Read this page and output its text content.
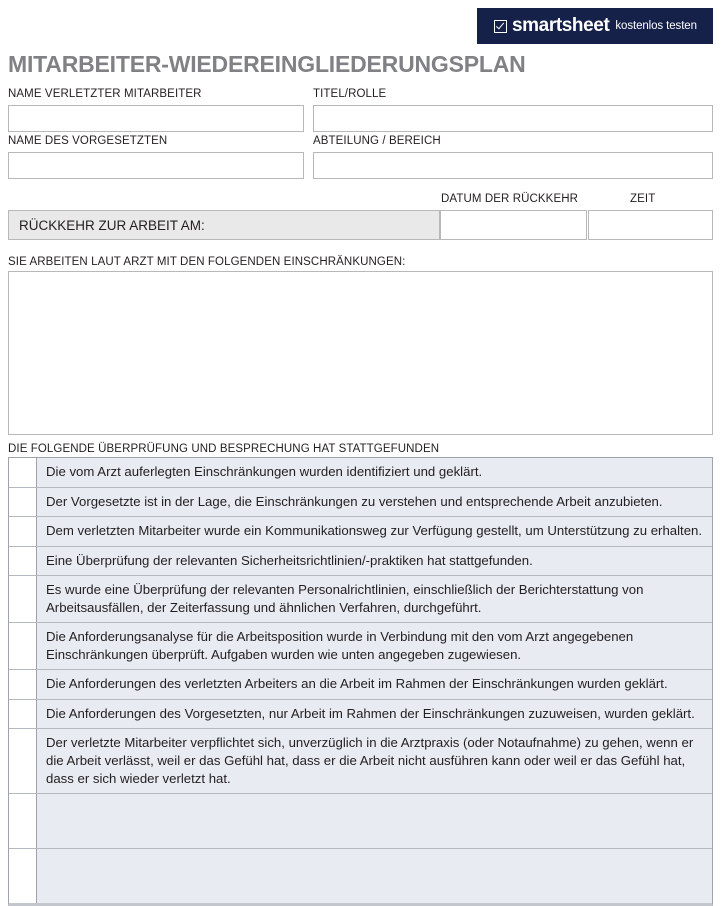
smartsheet kostenlos testen
MITARBEITER-WIEDEREINGLIEDERUNGSPLAN
NAME VERLETZTER MITARBEITER	TITEL/ROLLE
NAME DES VORGESETZTEN	ABTEILUNG / BEREICH
DATUM DER RÜCKKEHR	ZEIT
RÜCKKEHR ZUR ARBEIT AM:
SIE ARBEITEN LAUT ARZT MIT DEN FOLGENDEN EINSCHRÄNKUNGEN:
DIE FOLGENDE ÜBERPRÜFUNG UND BESPRECHUNG HAT STATTGEFUNDEN
Die vom Arzt auferlegten Einschränkungen wurden identifiziert und geklärt.
Der Vorgesetzte ist in der Lage, die Einschränkungen zu verstehen und entsprechende Arbeit anzubieten.
Dem verletzten Mitarbeiter wurde ein Kommunikationsweg zur Verfügung gestellt, um Unterstützung zu erhalten.
Eine Überprüfung der relevanten Sicherheitsrichtlinien/-praktiken hat stattgefunden.
Es wurde eine Überprüfung der relevanten Personalrichtlinien, einschließlich der Berichterstattung von Arbeitsausfällen, der Zeiterfassung und ähnlichen Verfahren, durchgeführt.
Die Anforderungsanalyse für die Arbeitsposition wurde in Verbindung mit den vom Arzt angegebenen Einschränkungen überprüft. Aufgaben wurden wie unten angegeben zugewiesen.
Die Anforderungen des verletzten Arbeiters an die Arbeit im Rahmen der Einschränkungen wurden geklärt.
Die Anforderungen des Vorgesetzten, nur Arbeit im Rahmen der Einschränkungen zuzuweisen, wurden geklärt.
Der verletzte Mitarbeiter verpflichtet sich, unverzüglich in die Arztpraxis (oder Notaufnahme) zu gehen, wenn er die Arbeit verlässt, weil er das Gefühl hat, dass er die Arbeit nicht ausführen kann oder weil er das Gefühl hat, dass er sich wieder verletzt hat.
